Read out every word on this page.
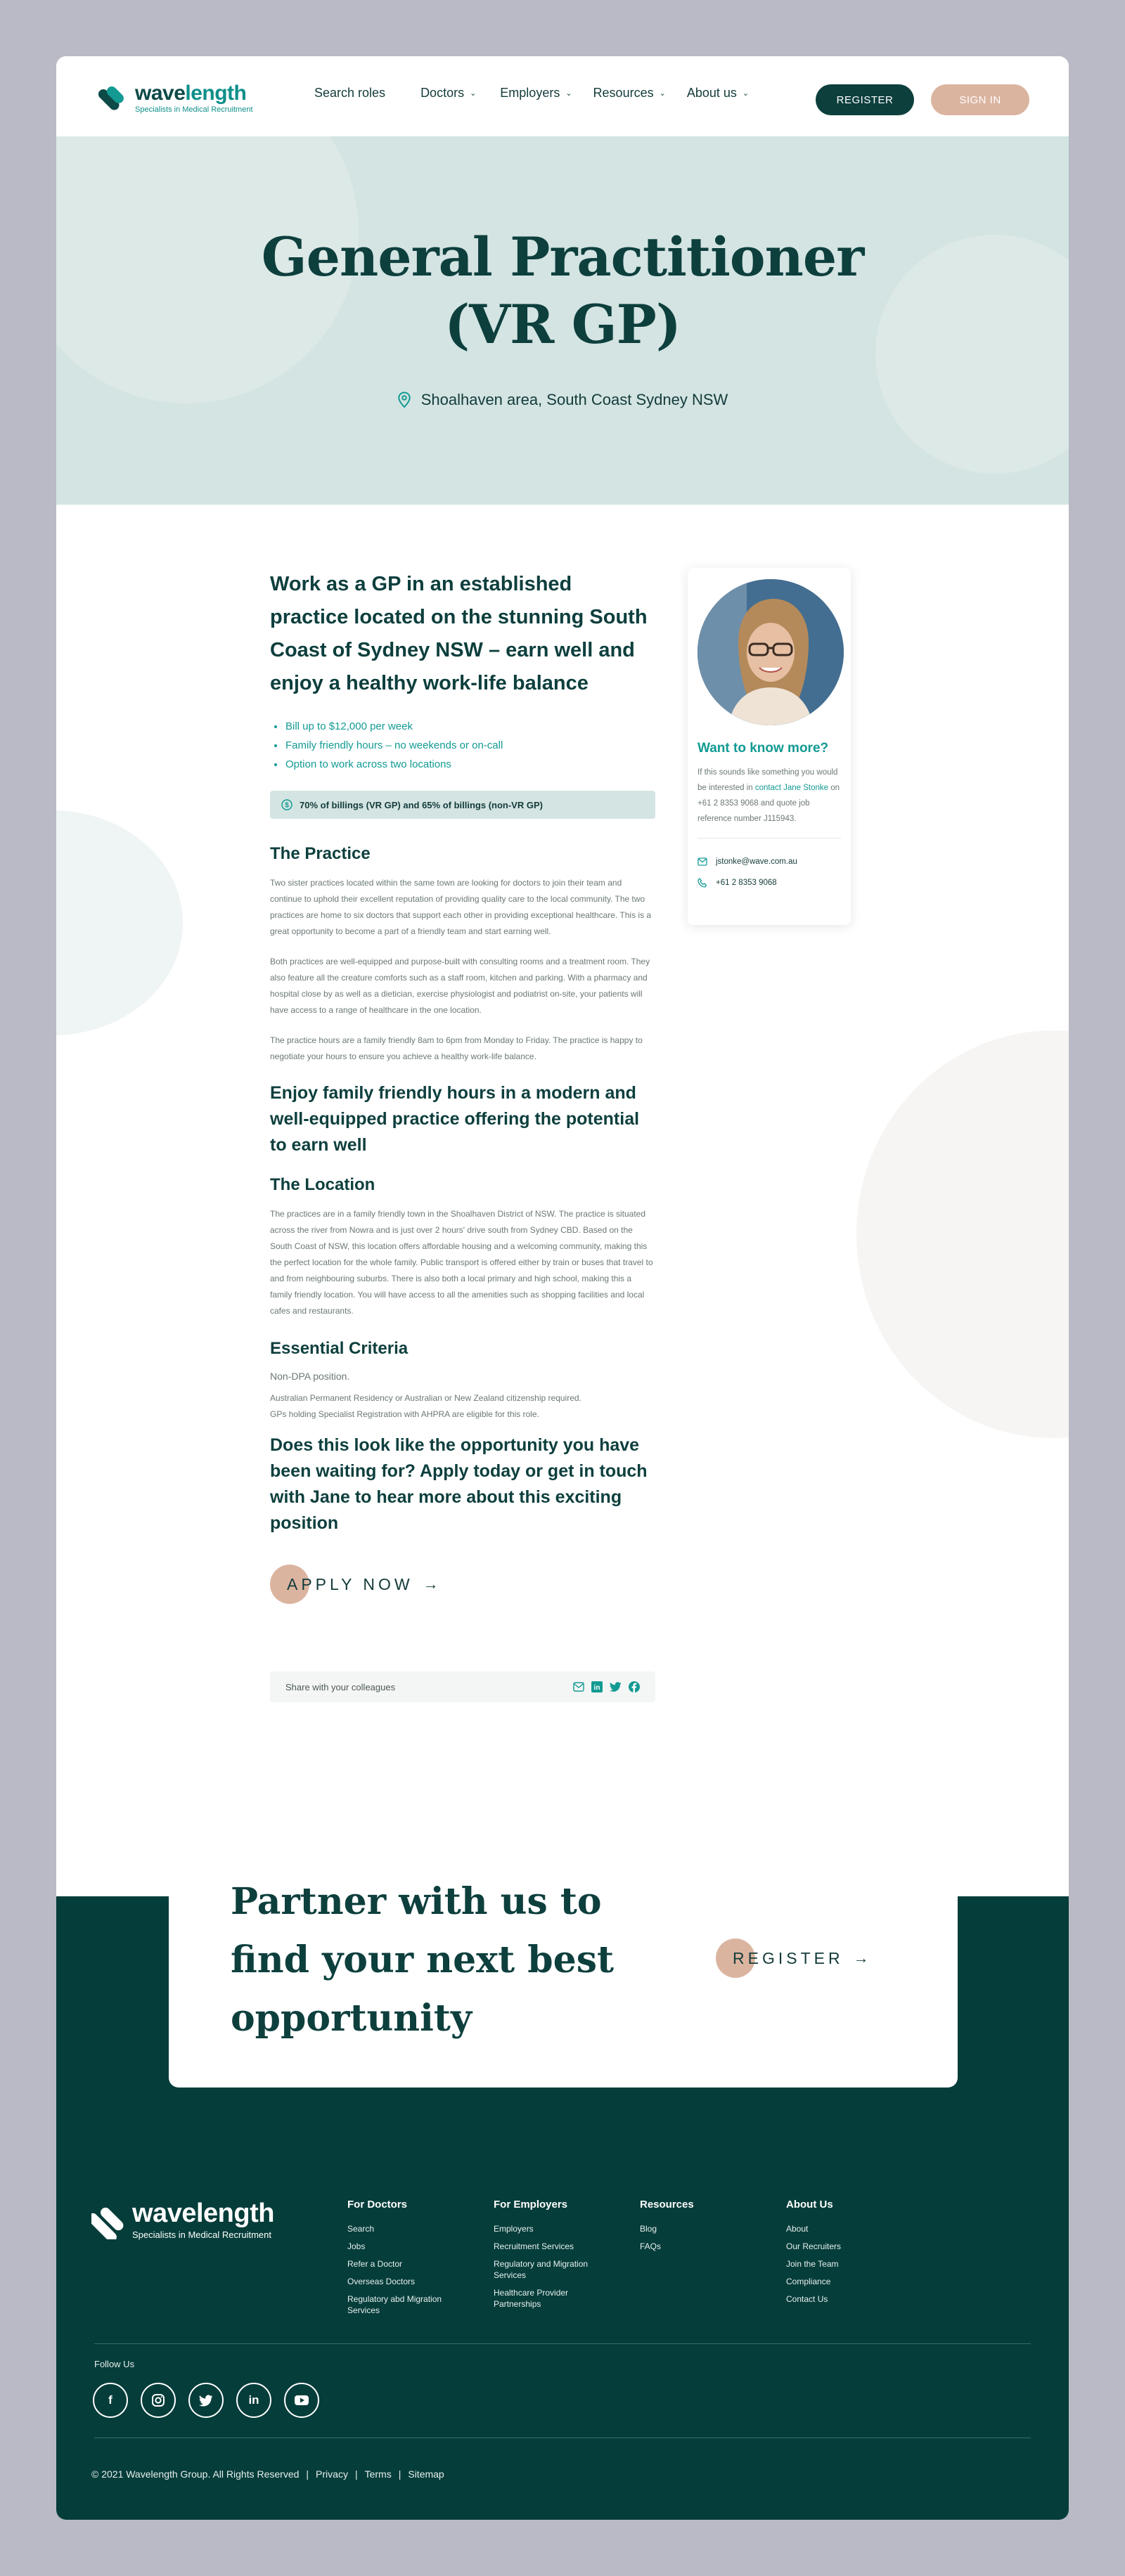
wavelength
Specialists in Medical Recruitment
Search roles	Doctors ⌄ Employers ⌄ Resources ⌄ About us ⌄
REGISTER	SIGN IN
General Practitioner
(VR GP)
Shoalhaven area, South Coast Sydney NSW
Work as a GP in an established practice located on the stunning South Coast of Sydney NSW – earn well and enjoy a healthy work-life balance
Bill up to $12,000 per week
Family friendly hours – no weekends or on-call
Option to work across two locations
$ 70% of billings (VR GP) and 65% of billings (non-VR GP)
The Practice

Two sister practices located within the same town are looking for doctors to join their team and continue to uphold their excellent reputation of providing quality care to the local community. The two practices are home to six doctors that support each other in providing exceptional healthcare. This is a great opportunity to become a part of a friendly team and start earning well.

Both practices are well-equipped and purpose-built with consulting rooms and a treatment room. They also feature all the creature comforts such as a staff room, kitchen and parking. With a pharmacy and hospital close by as well as a dietician, exercise physiologist and podiatrist on-site, your patients will have access to a range of healthcare in the one location.

The practice hours are a family friendly 8am to 6pm from Monday to Friday. The practice is happy to negotiate your hours to ensure you achieve a healthy work-life balance.

Enjoy family friendly hours in a modern and well-equipped practice offering the potential to earn well
The Location

The practices are in a family friendly town in the Shoalhaven District of NSW. The practice is situated across the river from Nowra and is just over 2 hours' drive south from Sydney CBD. Based on the South Coast of NSW, this location offers affordable housing and a welcoming community, making this the perfect location for the whole family. Public transport is offered either by train or buses that travel to and from neighbouring suburbs. There is also both a local primary and high school, making this a family friendly location. You will have access to all the amenities such as shopping facilities and local cafes and restaurants.

Essential Criteria

Non-DPA position.

Australian Permanent Residency or Australian or New Zealand citizenship required.

GPs holding Specialist Registration with AHPRA are eligible for this role.

Does this look like the opportunity you have been waiting for? Apply today or get in touch with Jane to hear more about this exciting position
APPLY NOW →
Share with your colleagues	in
Want to know more?

If this sounds like something you would be interested in contact Jane Stonke on +61 2 8353 9068 and quote job reference number J115943.

jstonke@wave.com.au
+61 2 8353 9068
Partner with us to find your next best opportunity
REGISTER →
wavelength
Specialists in Medical Recruitment
For Doctors
Search
Jobs
Refer a Doctor
Overseas Doctors
Regulatory abd Migration Services
For Employers
Employers
Recruitment Services
Regulatory and Migration Services
Healthcare Provider Partnerships
Resources
Blog
FAQs
About Us
About
Our Recruiters
Join the Team
Compliance
Contact Us
Follow Us
f	in
© 2021 Wavelength Group. All Rights Reserved | Privacy | Terms | Sitemap
